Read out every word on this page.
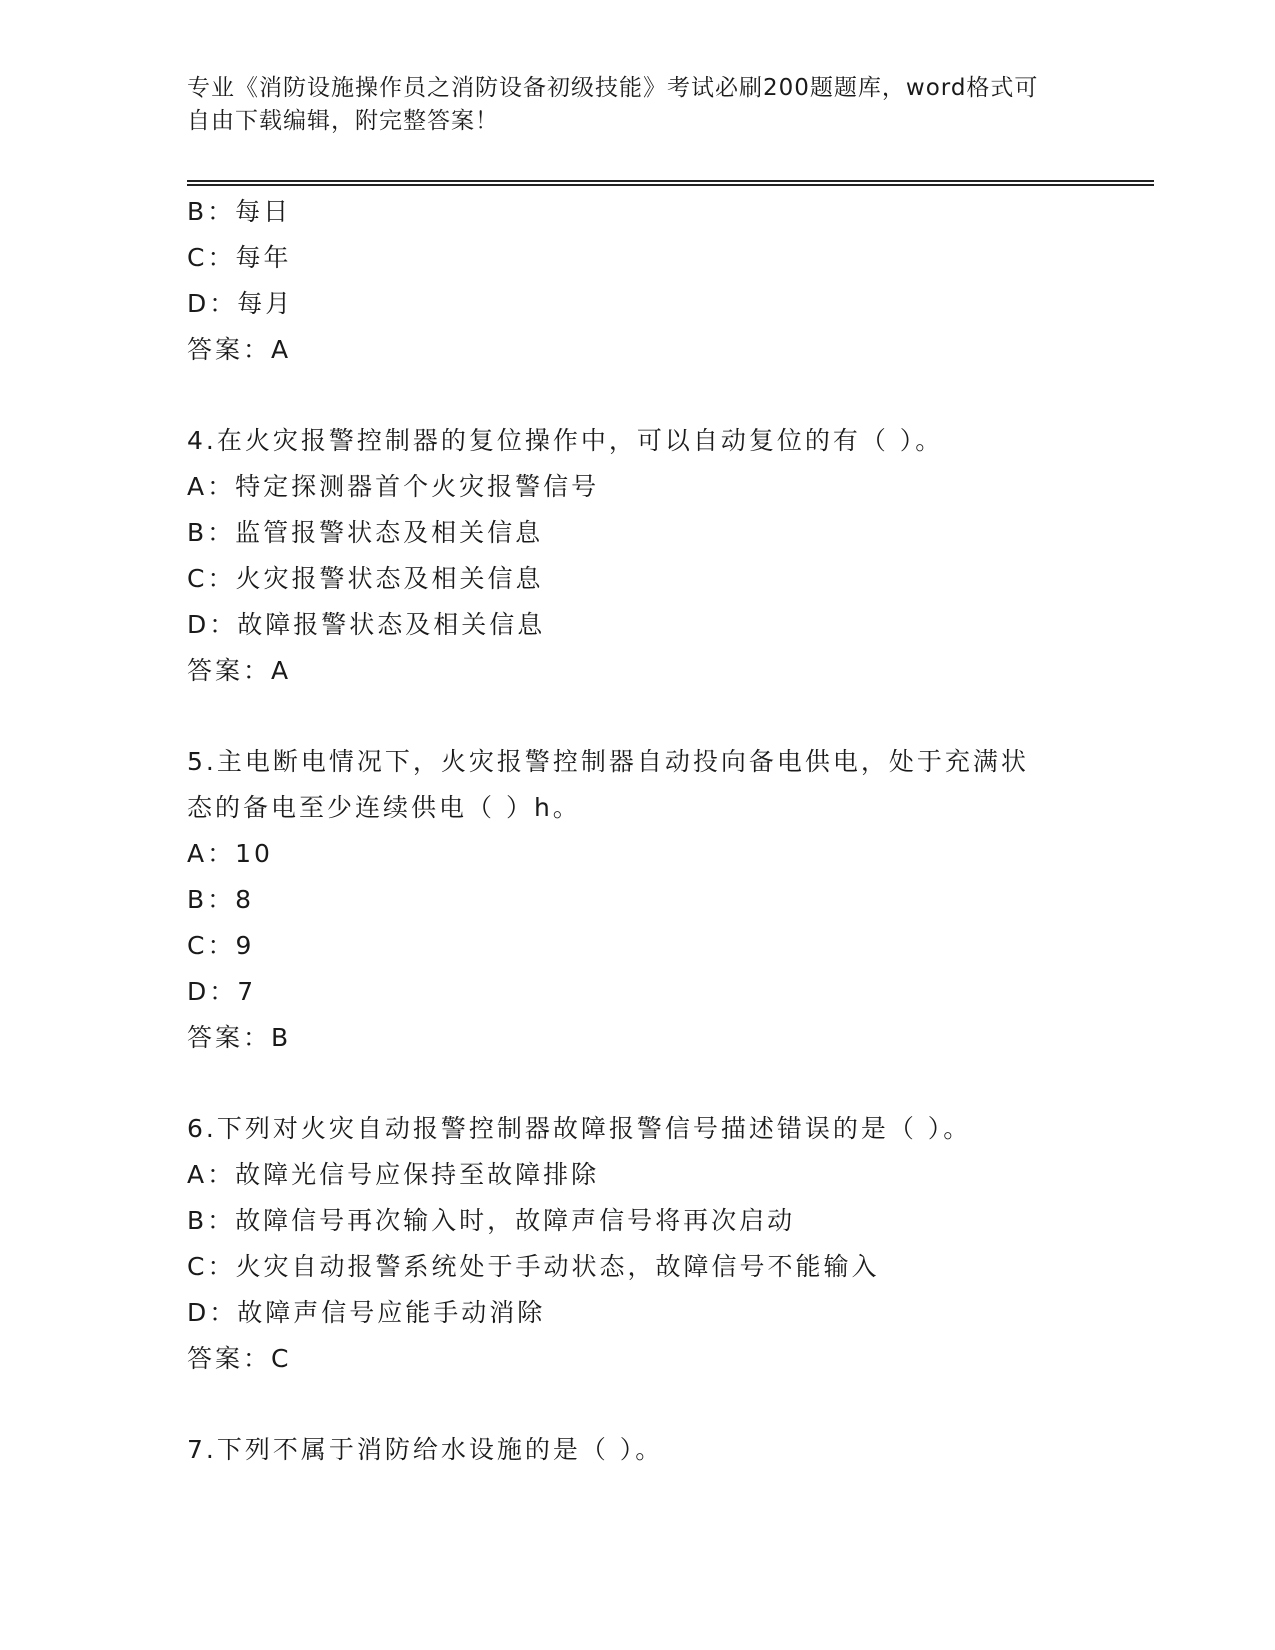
专业《消防设施操作员之消防设备初级技能》考试必刷200题题库，word格式可
自由下载编辑，附完整答案！
B：每日
C：每年
D：每月
答案：A
4.在火灾报警控制器的复位操作中，可以自动复位的有（ ）。
A：特定探测器首个火灾报警信号
B：监管报警状态及相关信息
C：火灾报警状态及相关信息
D：故障报警状态及相关信息
答案：A
5.主电断电情况下，火灾报警控制器自动投向备电供电，处于充满状
态的备电至少连续供电（ ）h。
A：10
B：8
C：9
D：7
答案：B
6.下列对火灾自动报警控制器故障报警信号描述错误的是（ ）。
A：故障光信号应保持至故障排除
B：故障信号再次输入时，故障声信号将再次启动
C：火灾自动报警系统处于手动状态，故障信号不能输入
D：故障声信号应能手动消除
答案：C
7.下列不属于消防给水设施的是（ ）。
